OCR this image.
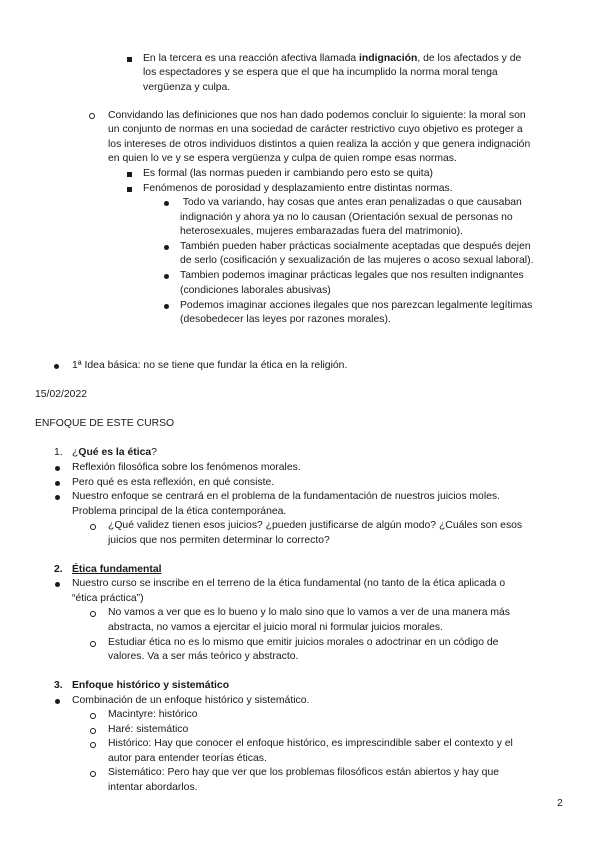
En la tercera es una reacción afectiva llamada indignación, de los afectados y de
los espectadores y se espera que el que ha incumplido la norma moral tenga
vergüenza y culpa.
Convidando las definiciones que nos han dado podemos concluir lo siguiente: la moral son
un conjunto de normas en una sociedad de carácter restrictivo cuyo objetivo es proteger a
los intereses de otros individuos distintos a quien realiza la acción y que genera indignación
en quien lo ve y se espera vergüenza y culpa de quien rompe esas normas.
Es formal (las normas pueden ir cambiando pero esto se quita)
Fenómenos de porosidad y desplazamiento entre distintas normas.
Todo va variando, hay cosas que antes eran penalizadas o que causaban
indignación y ahora ya no lo causan (Orientación sexual de personas no
heterosexuales, mujeres embarazadas fuera del matrimonio).
También pueden haber prácticas socialmente aceptadas que después dejen
de serlo (cosificación y sexualización de las mujeres o acoso sexual laboral).
Tambien podemos imaginar prácticas legales que nos resulten indignantes
(condiciones laborales abusivas)
Podemos imaginar acciones ilegales que nos parezcan legalmente legítimas
(desobedecer las leyes por razones morales).
1ª Idea básica: no se tiene que fundar la ética en la religión.
15/02/2022
ENFOQUE DE ESTE CURSO
1. ¿Qué es la ética?
Reflexión filosófica sobre los fenómenos morales.
Pero qué es esta reflexión, en qué consiste.
Nuestro enfoque se centrará en el problema de la fundamentación de nuestros juicios moles.
Problema principal de la ética contemporánea.
¿Qué validez tienen esos juicios? ¿pueden justificarse de algún modo? ¿Cuáles son esos
juicios que nos permiten determinar lo correcto?
2. Ética fundamental
Nuestro curso se inscribe en el terreno de la ética fundamental (no tanto de la ética aplicada o
“ética práctica”)
No vamos a ver que es lo bueno y lo malo sino que lo vamos a ver de una manera más
abstracta, no vamos a ejercitar el juicio moral ni formular juicios morales.
Estudiar ética no es lo mismo que emitir juicios morales o adoctrinar en un código de
valores. Va a ser más teórico y abstracto.
3. Enfoque histórico y sistemático
Combinación de un enfoque histórico y sistemático.
Macintyre: histórico
Haré: sistemático
Histórico: Hay que conocer el enfoque histórico, es imprescindible saber el contexto y el
autor para entender teorías éticas.
Sistemático: Pero hay que ver que los problemas filosóficos están abiertos y hay que
intentar abordarlos.
2
